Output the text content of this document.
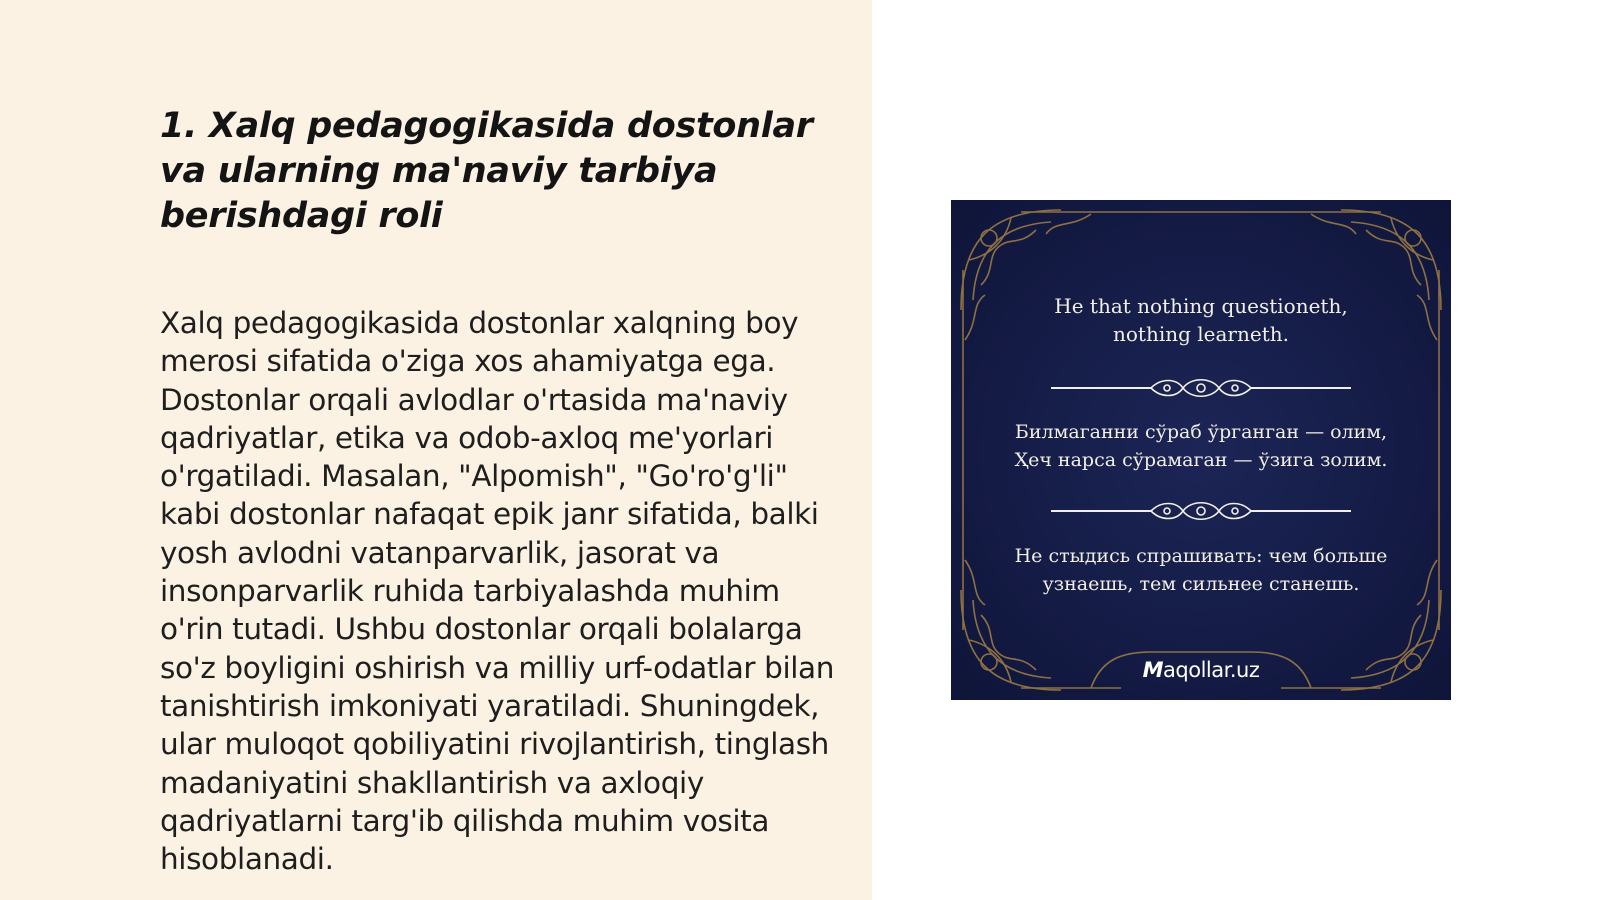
1. Xalq pedagogikasida dostonlar va ularning ma'naviy tarbiya berishdagi roli

Xalq pedagogikasida dostonlar xalqning boy merosi sifatida o'ziga xos ahamiyatga ega. Dostonlar orqali avlodlar o'rtasida ma'naviy qadriyatlar, etika va odob-axloq me'yorlari o'rgatiladi. Masalan, "Alpomish", "Go'ro'g'li" kabi dostonlar nafaqat epik janr sifatida, balki yosh avlodni vatanparvarlik, jasorat va insonparvarlik ruhida tarbiyalashda muhim o'rin tutadi. Ushbu dostonlar orqali bolalarga so'z boyligini oshirish va milliy urf-odatlar bilan tanishtirish imkoniyati yaratiladi. Shuningdek, ular muloqot qobiliyatini rivojlantirish, tinglash madaniyatini shakllantirish va axloqiy qadriyatlarni targ'ib qilishda muhim vosita hisoblanadi.

He that nothing questioneth,
nothing learneth.
Билмаганни сўраб ўрганган — олим,
Ҳеч нарса сўрамаган — ўзига золим.
Не стыдись спрашивать: чем больше
узнаешь, тем сильнее станешь.
Maqollar.uz
